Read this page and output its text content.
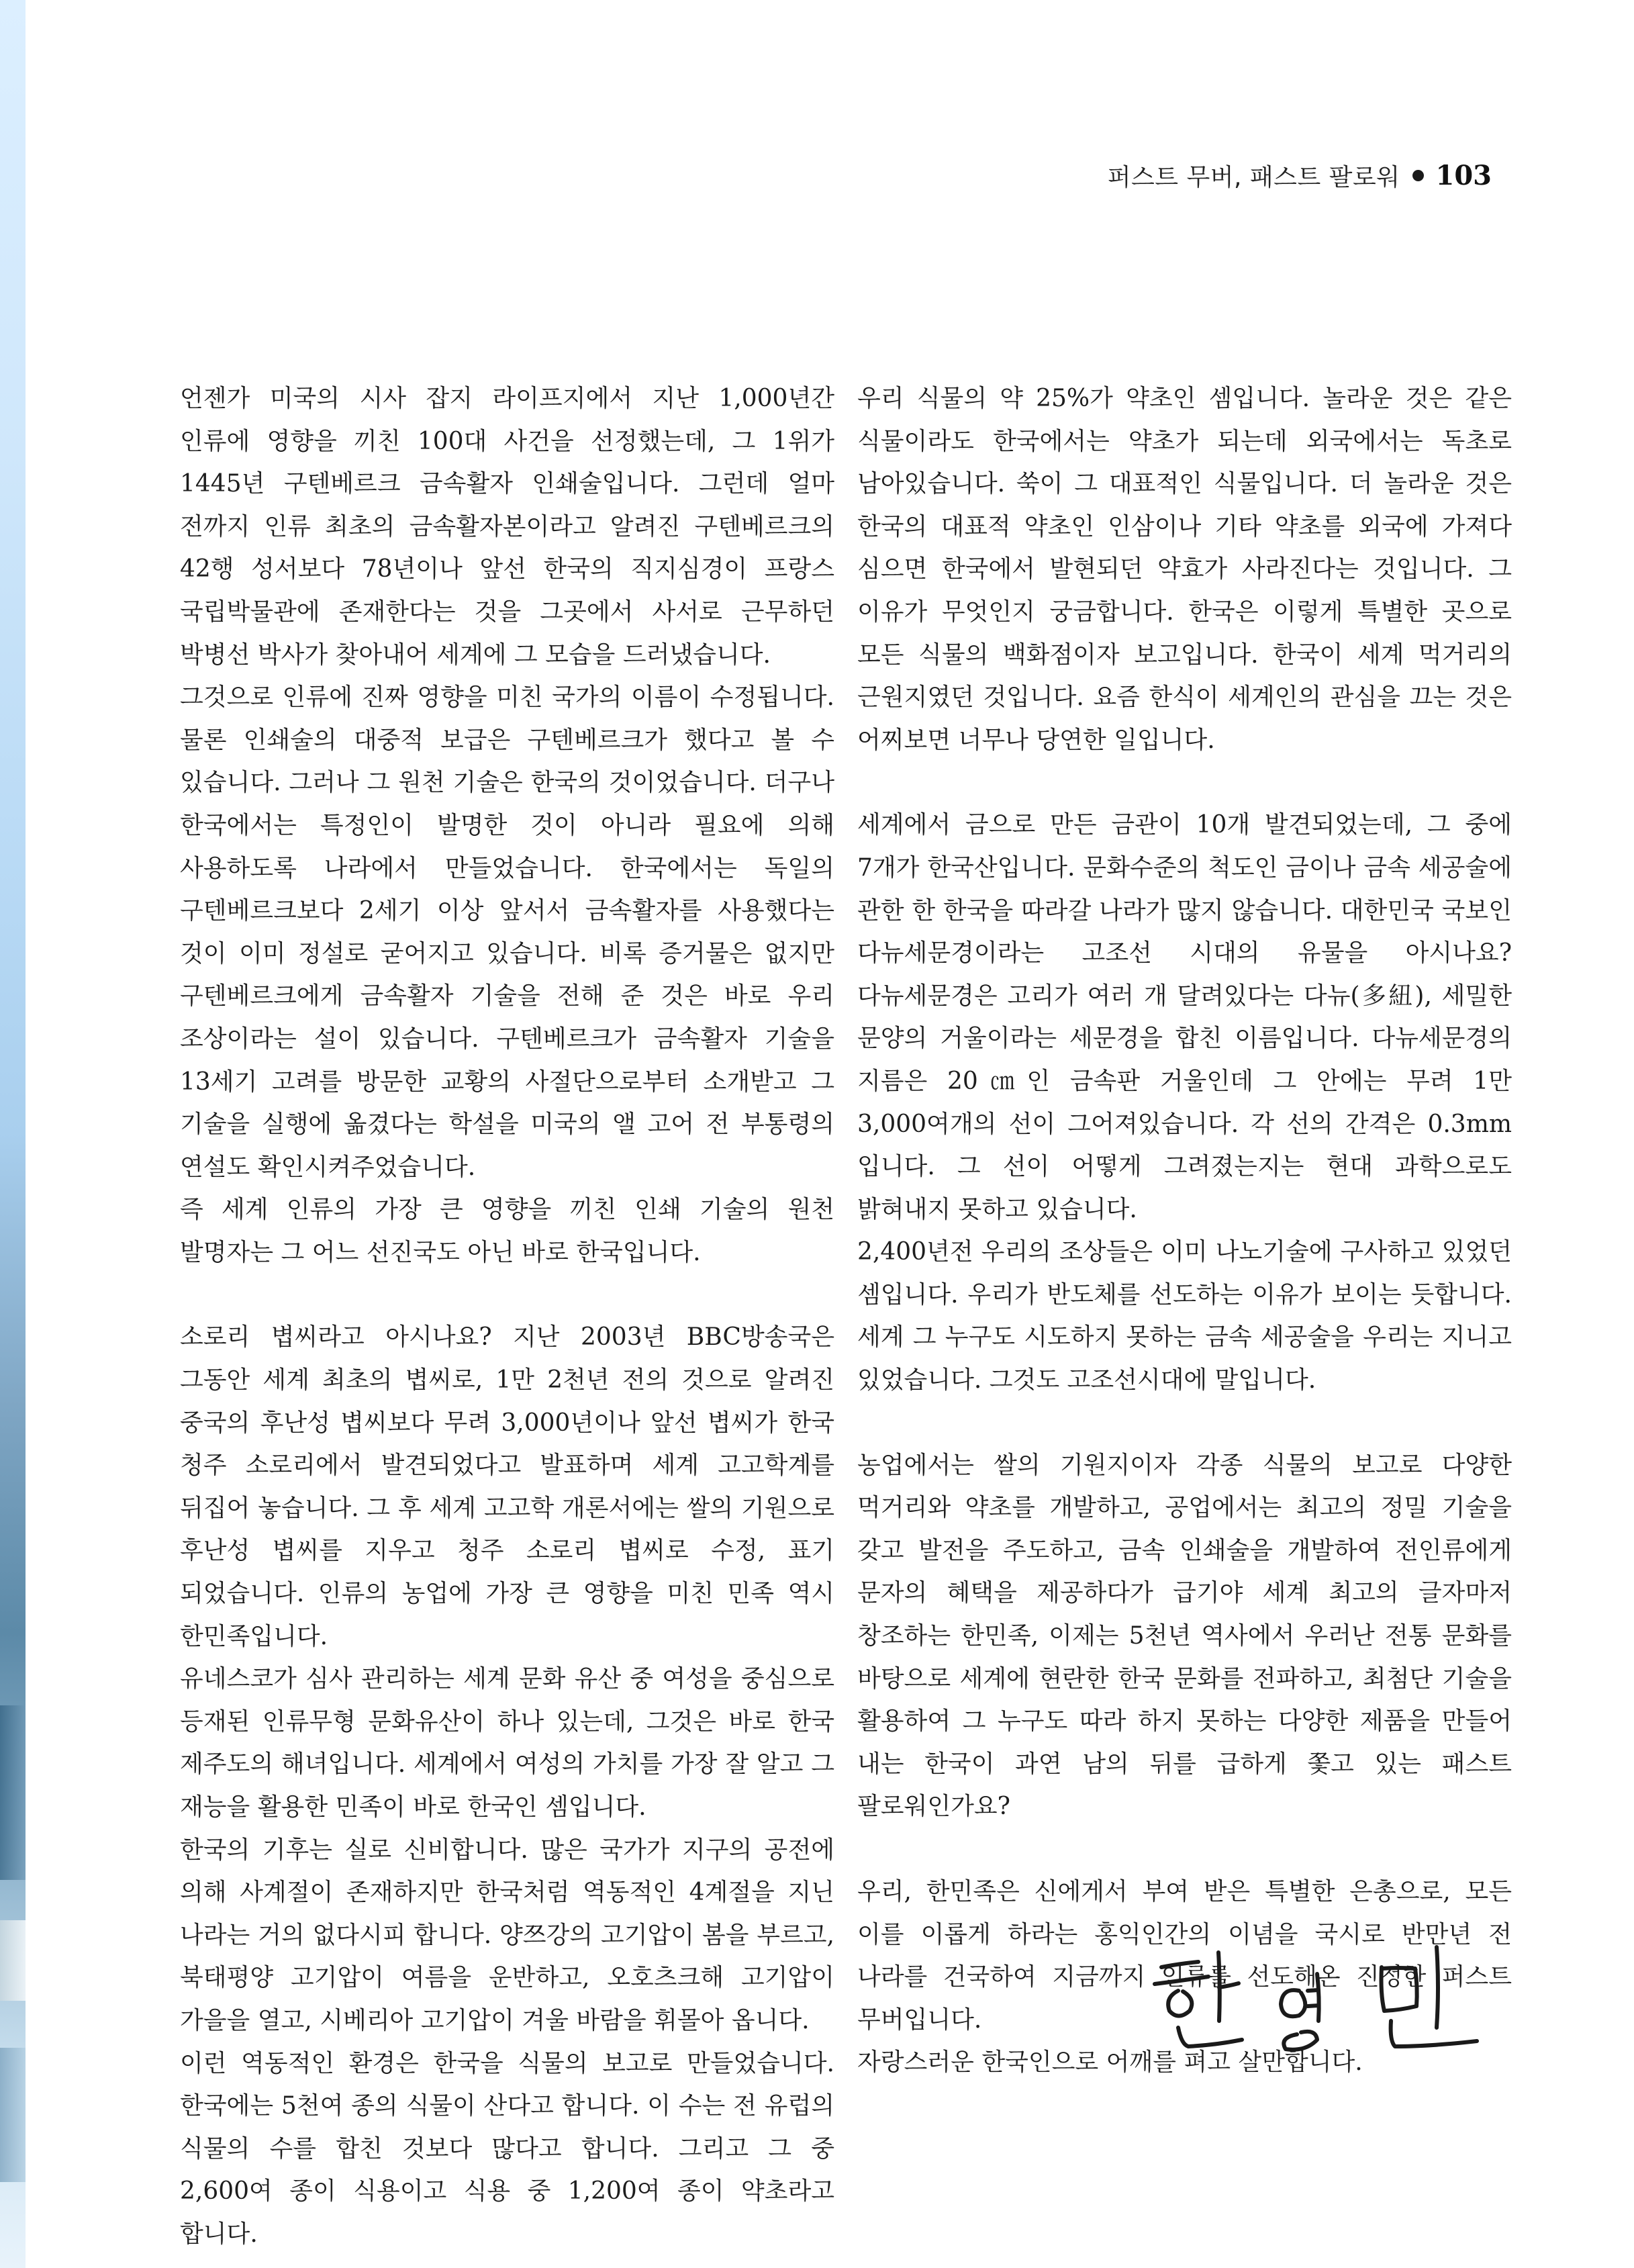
퍼스트 무버, 패스트 팔로워 103

언젠가 미국의 시사 잡지 라이프지에서 지난 1,000년간 인류에 영향을 끼친 100대 사건을 선정했는데, 그 1위가 1445년 구텐베르크 금속활자 인쇄술입니다. 그런데 얼마 전까지 인류 최초의 금속활자본이라고 알려진 구텐베르크의 42행 성서보다 78년이나 앞선 한국의 직지심경이 프랑스 국립박물관에 존재한다는 것을 그곳에서 사서로 근무하던 박병선 박사가 찾아내어 세계에 그 모습을 드러냈습니다.

그것으로 인류에 진짜 영향을 미친 국가의 이름이 수정됩니다. 물론 인쇄술의 대중적 보급은 구텐베르크가 했다고 볼 수 있습니다. 그러나 그 원천 기술은 한국의 것이었습니다. 더구나 한국에서는 특정인이 발명한 것이 아니라 필요에 의해 사용하도록 나라에서 만들었습니다. 한국에서는 독일의 구텐베르크보다 2세기 이상 앞서서 금속활자를 사용했다는 것이 이미 정설로 굳어지고 있습니다. 비록 증거물은 없지만 구텐베르크에게 금속활자 기술을 전해 준 것은 바로 우리 조상이라는 설이 있습니다. 구텐베르크가 금속활자 기술을 13세기 고려를 방문한 교황의 사절단으로부터 소개받고 그 기술을 실행에 옮겼다는 학설을 미국의 앨 고어 전 부통령의 연설도 확인시켜주었습니다.

즉 세계 인류의 가장 큰 영향을 끼친 인쇄 기술의 원천 발명자는 그 어느 선진국도 아닌 바로 한국입니다.

소로리 볍씨라고 아시나요? 지난 2003년 BBC방송국은 그동안 세계 최초의 볍씨로, 1만 2천년 전의 것으로 알려진 중국의 후난성 볍씨보다 무려 3,000년이나 앞선 볍씨가 한국 청주 소로리에서 발견되었다고 발표하며 세계 고고학계를 뒤집어 놓습니다. 그 후 세계 고고학 개론서에는 쌀의 기원으로 후난성 볍씨를 지우고 청주 소로리 볍씨로 수정, 표기 되었습니다. 인류의 농업에 가장 큰 영향을 미친 민족 역시 한민족입니다.

유네스코가 심사 관리하는 세계 문화 유산 중 여성을 중심으로 등재된 인류무형 문화유산이 하나 있는데, 그것은 바로 한국 제주도의 해녀입니다. 세계에서 여성의 가치를 가장 잘 알고 그 재능을 활용한 민족이 바로 한국인 셈입니다.

한국의 기후는 실로 신비합니다. 많은 국가가 지구의 공전에 의해 사계절이 존재하지만 한국처럼 역동적인 4계절을 지닌 나라는 거의 없다시피 합니다. 양쯔강의 고기압이 봄을 부르고, 북태평양 고기압이 여름을 운반하고, 오호츠크해 고기압이 가을을 열고, 시베리아 고기압이 겨울 바람을 휘몰아 옵니다.

이런 역동적인 환경은 한국을 식물의 보고로 만들었습니다. 한국에는 5천여 종의 식물이 산다고 합니다. 이 수는 전 유럽의 식물의 수를 합친 것보다 많다고 합니다. 그리고 그 중 2,600여 종이 식용이고 식용 중 1,200여 종이 약초라고 합니다.

우리 식물의 약 25%가 약초인 셈입니다. 놀라운 것은 같은 식물이라도 한국에서는 약초가 되는데 외국에서는 독초로 남아있습니다. 쑥이 그 대표적인 식물입니다. 더 놀라운 것은 한국의 대표적 약초인 인삼이나 기타 약초를 외국에 가져다 심으면 한국에서 발현되던 약효가 사라진다는 것입니다. 그 이유가 무엇인지 궁금합니다. 한국은 이렇게 특별한 곳으로 모든 식물의 백화점이자 보고입니다. 한국이 세계 먹거리의 근원지였던 것입니다. 요즘 한식이 세계인의 관심을 끄는 것은 어찌보면 너무나 당연한 일입니다.

세계에서 금으로 만든 금관이 10개 발견되었는데, 그 중에 7개가 한국산입니다. 문화수준의 척도인 금이나 금속 세공술에 관한 한 한국을 따라갈 나라가 많지 않습니다. 대한민국 국보인 다뉴세문경이라는 고조선 시대의 유물을 아시나요? 다뉴세문경은 고리가 여러 개 달려있다는 다뉴(多紐), 세밀한 문양의 거울이라는 세문경을 합친 이름입니다. 다뉴세문경의 지름은 20㎝인 금속판 거울인데 그 안에는 무려 1만 3,000여개의 선이 그어져있습니다. 각 선의 간격은 0.3mm 입니다. 그 선이 어떻게 그려졌는지는 현대 과학으로도 밝혀내지 못하고 있습니다.

2,400년전 우리의 조상들은 이미 나노기술에 구사하고 있었던 셈입니다. 우리가 반도체를 선도하는 이유가 보이는 듯합니다. 세계 그 누구도 시도하지 못하는 금속 세공술을 우리는 지니고 있었습니다. 그것도 고조선시대에 말입니다.

농업에서는 쌀의 기원지이자 각종 식물의 보고로 다양한 먹거리와 약초를 개발하고, 공업에서는 최고의 정밀 기술을 갖고 발전을 주도하고, 금속 인쇄술을 개발하여 전인류에게 문자의 혜택을 제공하다가 급기야 세계 최고의 글자마저 창조하는 한민족, 이제는 5천년 역사에서 우러난 전통 문화를 바탕으로 세계에 현란한 한국 문화를 전파하고, 최첨단 기술을 활용하여 그 누구도 따라 하지 못하는 다양한 제품을 만들어 내는 한국이 과연 남의 뒤를 급하게 쫓고 있는 패스트 팔로워인가요?

우리, 한민족은 신에게서 부여 받은 특별한 은총으로, 모든 이를 이롭게 하라는 홍익인간의 이념을 국시로 반만년 전 나라를 건국하여 지금까지 인류를 선도해온 진정한 퍼스트 무버입니다.

자랑스러운 한국인으로 어깨를 펴고 살만합니다.
